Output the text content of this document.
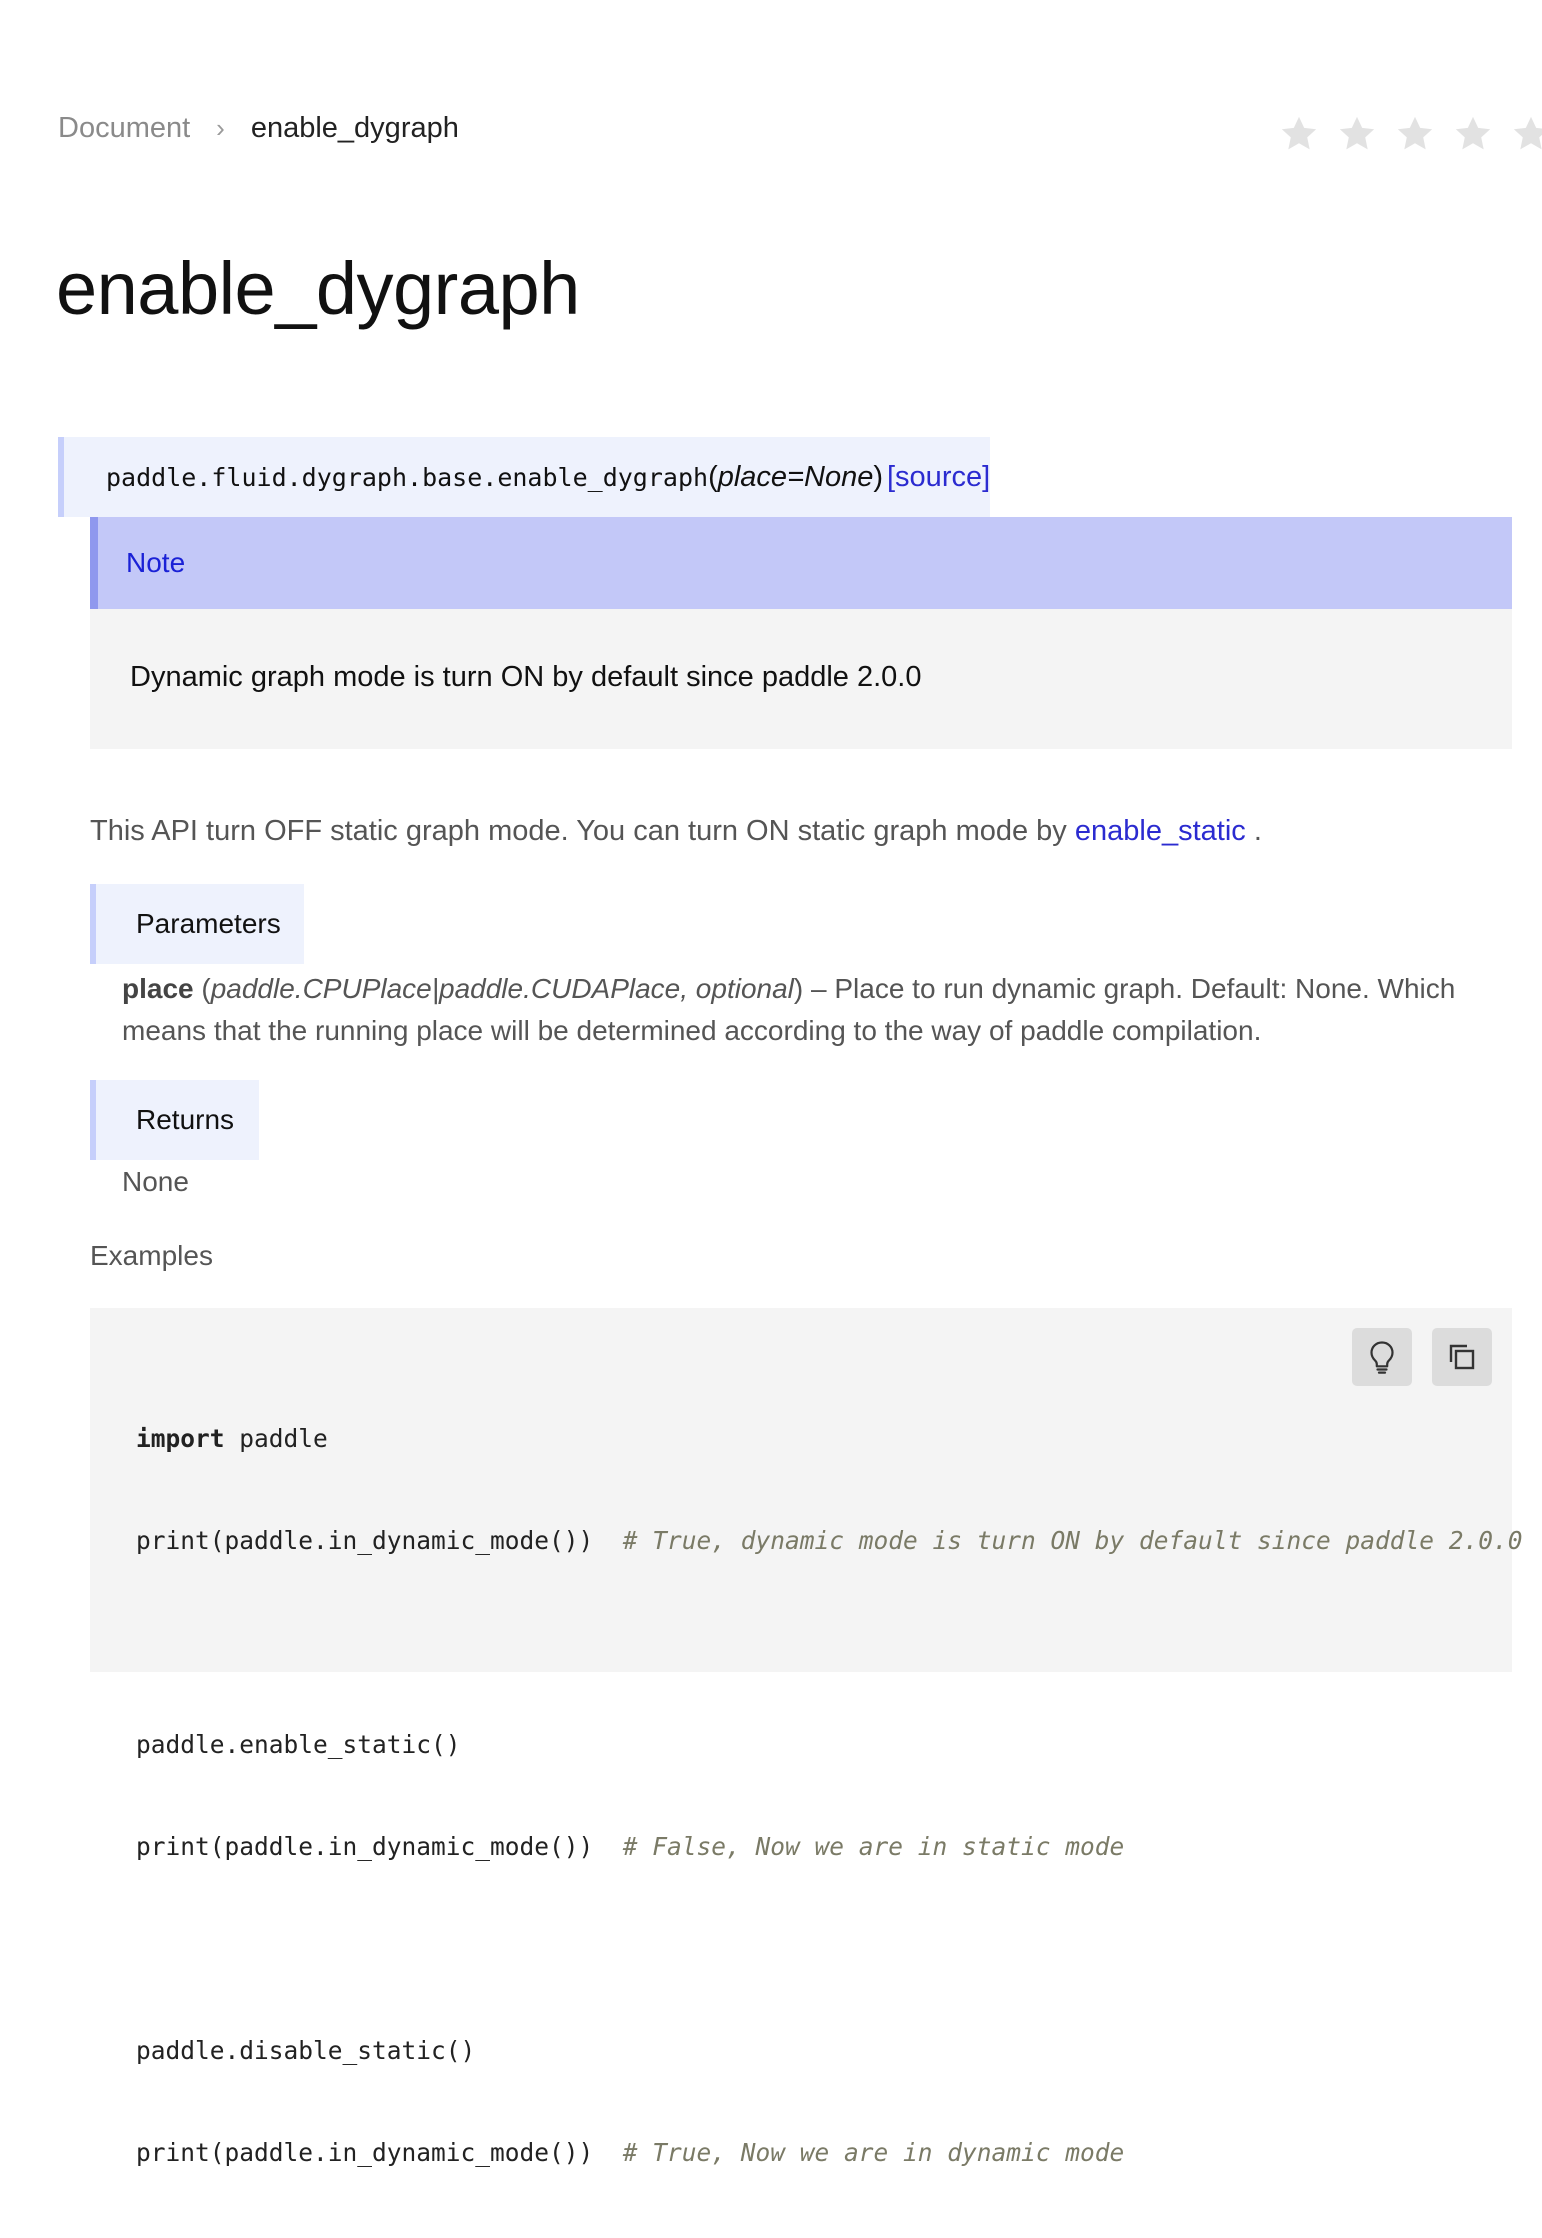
Document › enable_dygraph
enable_dygraph
paddle.fluid.dygraph.base.enable_dygraph ( place=None ) [source]
Note
Dynamic graph mode is turn ON by default since paddle 2.0.0

This API turn OFF static graph mode. You can turn ON static graph mode by enable_static .

Parameters
place (paddle.CPUPlace|paddle.CUDAPlace, optional) – Place to run dynamic graph. Default: None. Which means that the running place will be determined according to the way of paddle compilation.
Returns
None
Examples

import paddle

print(paddle.in_dynamic_mode())  # True, dynamic mode is turn ON by default since paddle 2.0.0

paddle.enable_static()

print(paddle.in_dynamic_mode())  # False, Now we are in static mode

paddle.disable_static()

print(paddle.in_dynamic_mode())  # True, Now we are in dynamic mode
